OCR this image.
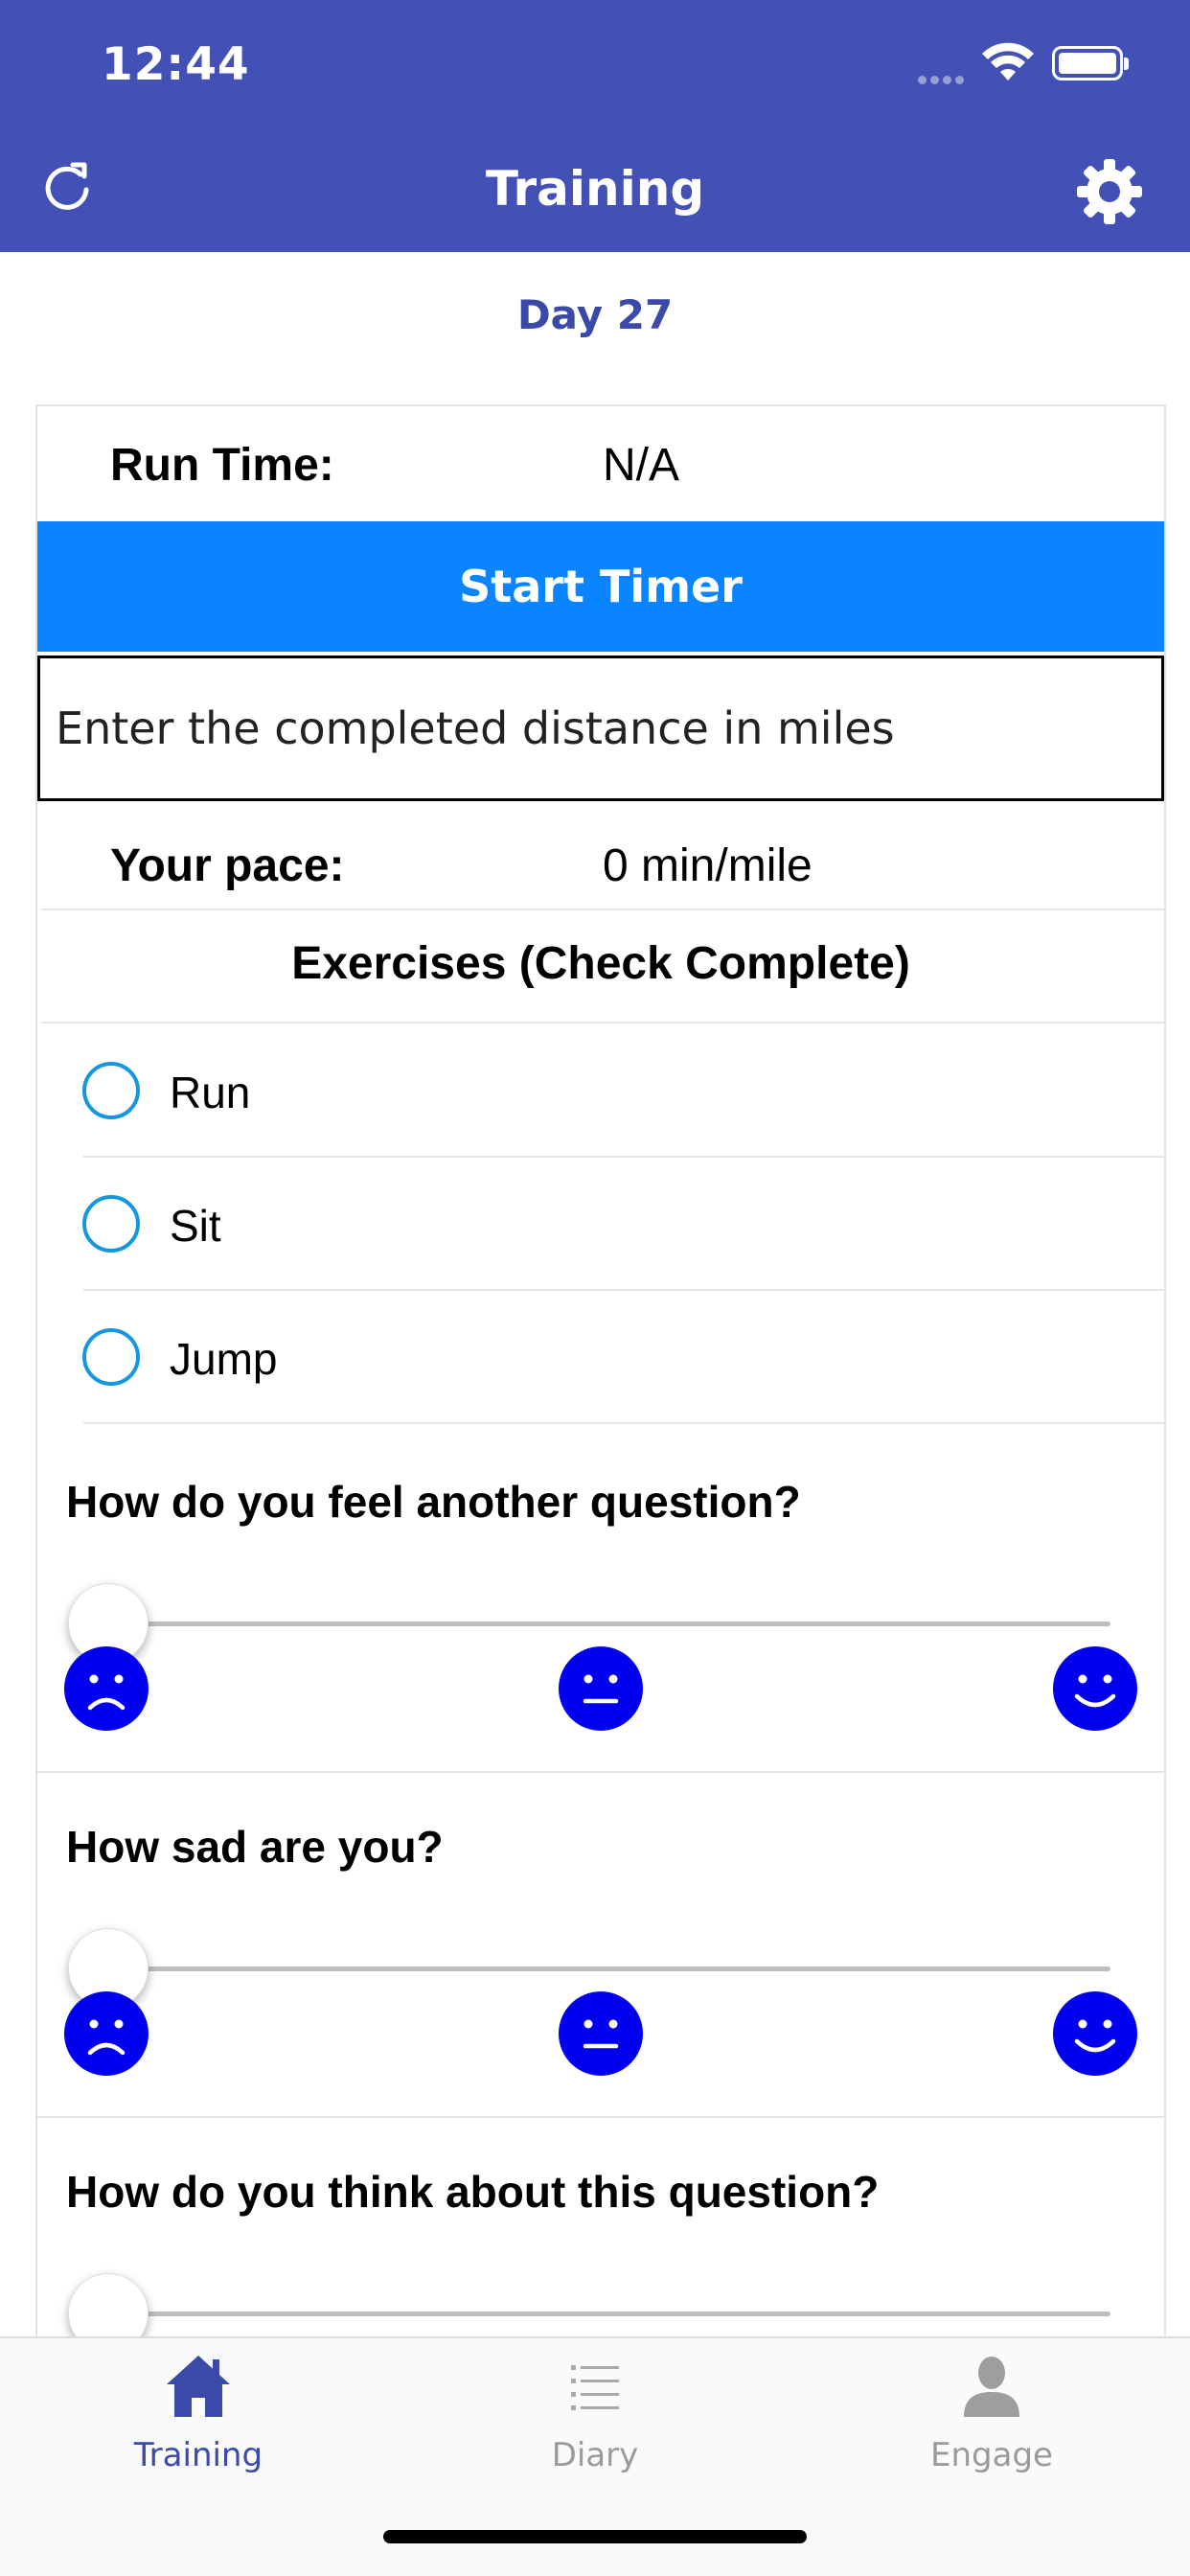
12:44
Training
Day 27
Run Time:	N/A
Start Timer
Enter the completed distance in miles
Your pace:	0 min/mile
Exercises (Check Complete)
Run
Sit
Jump
How do you feel another question?
How sad are you?
How do you think about this question?
Training	Diary	Engage
